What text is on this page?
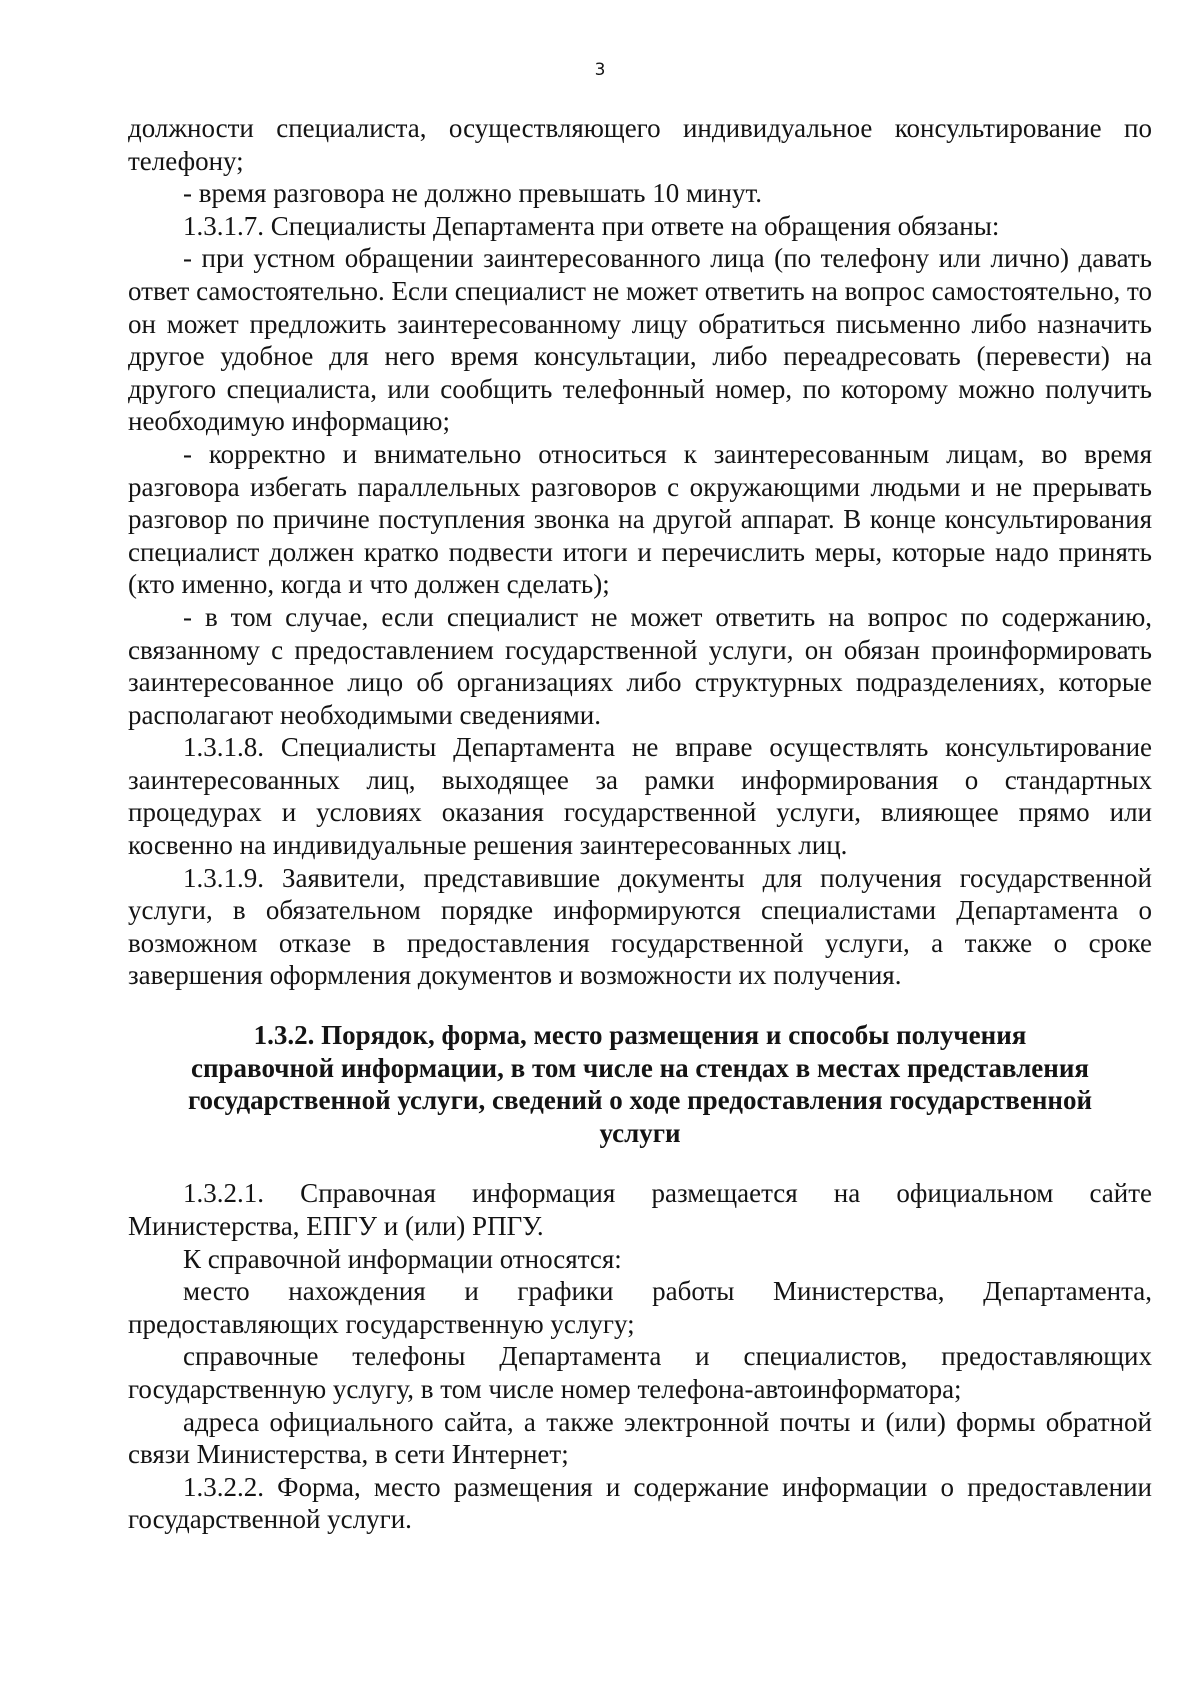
3

должности специалиста, осуществляющего индивидуальное консультирование по телефону;

- время разговора не должно превышать 10 минут.

1.3.1.7. Специалисты Департамента при ответе на обращения обязаны:

- при устном обращении заинтересованного лица (по телефону или лично) давать ответ самостоятельно. Если специалист не может ответить на вопрос самостоятельно, то он может предложить заинтересованному лицу обратиться письменно либо назначить другое удобное для него время консультации, либо переадресовать (перевести) на другого специалиста, или сообщить телефонный номер, по которому можно получить необходимую информацию;

- корректно и внимательно относиться к заинтересованным лицам, во время разговора избегать параллельных разговоров с окружающими людьми и не прерывать разговор по причине поступления звонка на другой аппарат. В конце консультирования специалист должен кратко подвести итоги и перечислить меры, которые надо принять (кто именно, когда и что должен сделать);

- в том случае, если специалист не может ответить на вопрос по содержанию, связанному с предоставлением государственной услуги, он обязан проинформировать заинтересованное лицо об организациях либо структурных подразделениях, которые располагают необходимыми сведениями.

1.3.1.8. Специалисты Департамента не вправе осуществлять консультирование заинтересованных лиц, выходящее за рамки информирования о стандартных процедурах и условиях оказания государственной услуги, влияющее прямо или косвенно на индивидуальные решения заинтересованных лиц.

1.3.1.9. Заявители, представившие документы для получения государственной услуги, в обязательном порядке информируются специалистами Департамента о возможном отказе в предоставления государственной услуги, а также о сроке завершения оформления документов и возможности их получения.

1.3.2. Порядок, форма, место размещения и способы получения
справочной информации, в том числе на стендах в местах представления
государственной услуги, сведений о ходе предоставления государственной
услуги

1.3.2.1. Справочная информация размещается на официальном сайте Министерства, ЕПГУ и (или) РПГУ.

К справочной информации относятся:

место нахождения и графики работы Министерства, Департамента, предоставляющих государственную услугу;

справочные телефоны Департамента и специалистов, предоставляющих государственную услугу, в том числе номер телефона-автоинформатора;

адреса официального сайта, а также электронной почты и (или) формы обратной связи Министерства, в сети Интернет;

1.3.2.2. Форма, место размещения и содержание информации о предоставлении государственной услуги.
